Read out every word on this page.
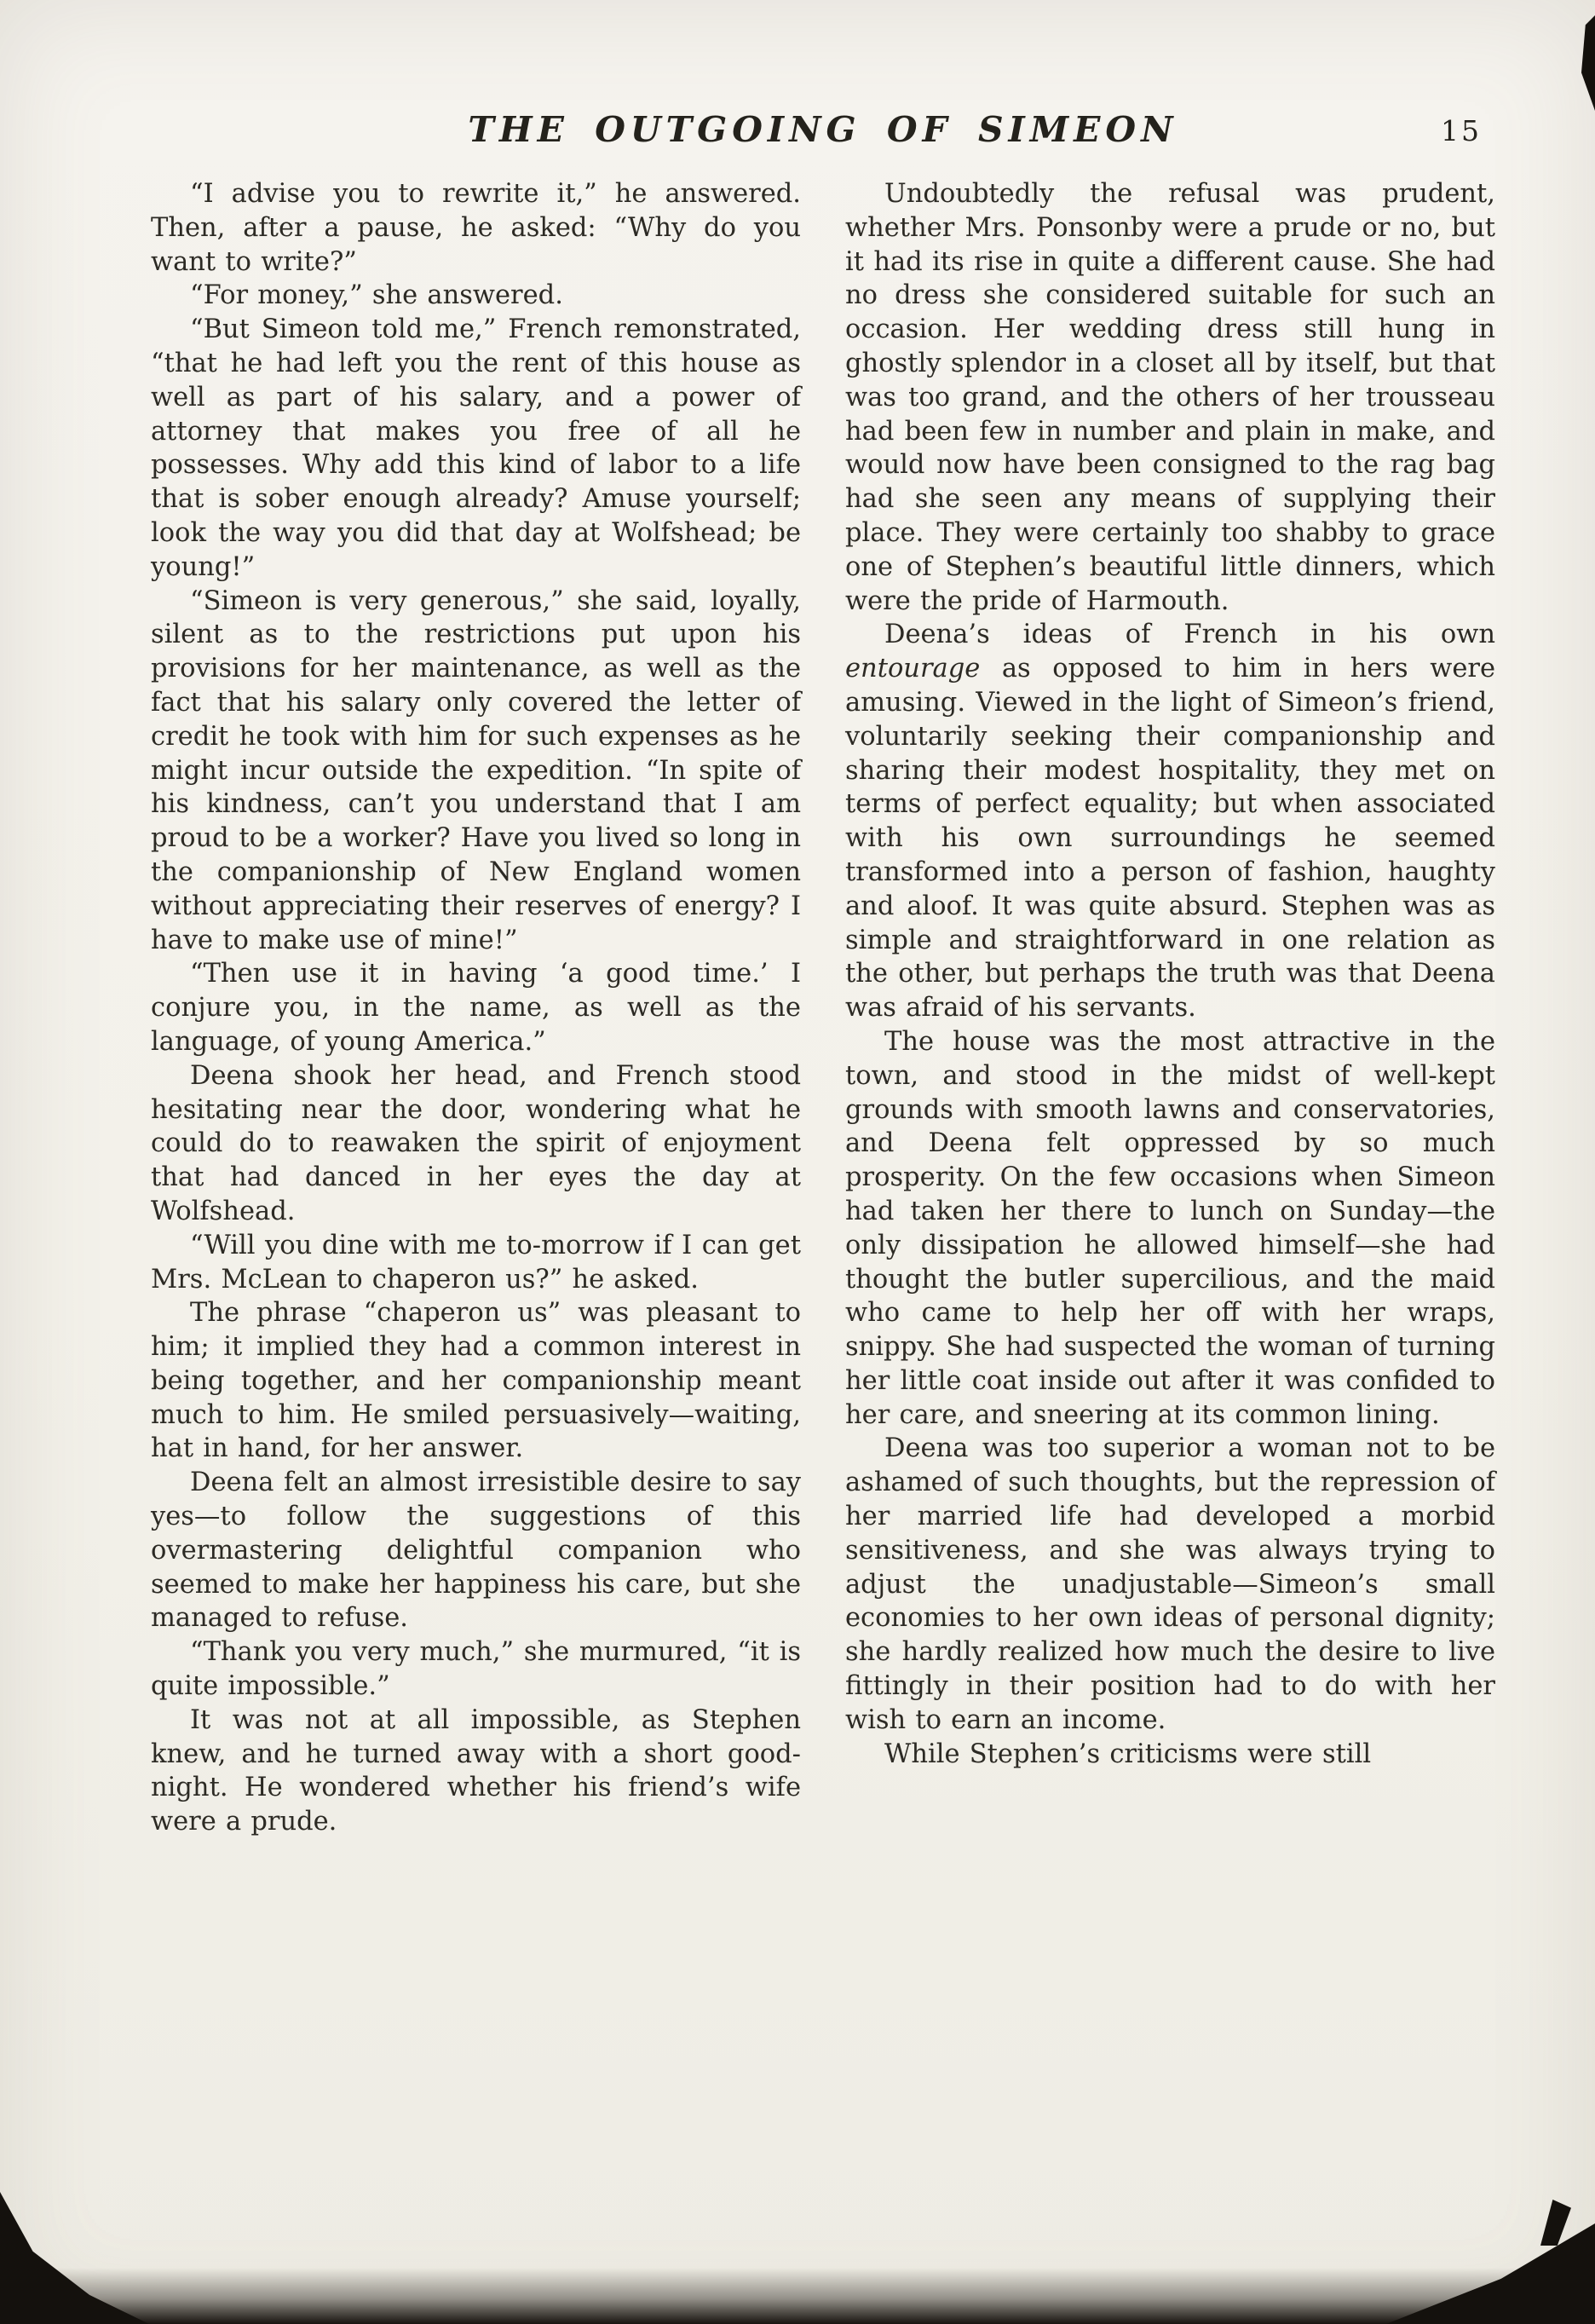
THE OUTGOING OF SIMEON	15

“I advise you to rewrite it,” he answered. Then, after a pause, he asked: “Why do you want to write?”

“For money,” she answered.

“But Simeon told me,” French remonstrated, “that he had left you the rent of this house as well as part of his salary, and a power of attorney that makes you free of all he possesses. Why add this kind of labor to a life that is sober enough already? Amuse yourself; look the way you did that day at Wolfshead; be young!”

“Simeon is very generous,” she said, loyally, silent as to the restrictions put upon his provisions for her maintenance, as well as the fact that his salary only covered the letter of credit he took with him for such expenses as he might incur outside the expedition. “In spite of his kindness, can’t you understand that I am proud to be a worker? Have you lived so long in the companionship of New England women without appreciating their reserves of energy? I have to make use of mine!”

“Then use it in having ‘a good time.’ I conjure you, in the name, as well as the language, of young America.”

Deena shook her head, and French stood hesitating near the door, wondering what he could do to reawaken the spirit of enjoyment that had danced in her eyes the day at Wolfshead.

“Will you dine with me to-morrow if I can get Mrs. McLean to chaperon us?” he asked.

The phrase “chaperon us” was pleasant to him; it implied they had a common interest in being together, and her companionship meant much to him. He smiled persuasively—waiting, hat in hand, for her answer.

Deena felt an almost irresistible desire to say yes—to follow the suggestions of this overmastering delightful companion who seemed to make her happiness his care, but she managed to refuse.

“Thank you very much,” she murmured, “it is quite impossible.”

It was not at all impossible, as Stephen knew, and he turned away with a short good-night. He wondered whether his friend’s wife were a prude.

Undoubtedly the refusal was prudent, whether Mrs. Ponsonby were a prude or no, but it had its rise in quite a different cause. She had no dress she considered suitable for such an occasion. Her wedding dress still hung in ghostly splendor in a closet all by itself, but that was too grand, and the others of her trousseau had been few in number and plain in make, and would now have been consigned to the rag bag had she seen any means of supplying their place. They were certainly too shabby to grace one of Stephen’s beautiful little dinners, which were the pride of Harmouth.

Deena’s ideas of French in his own entourage as opposed to him in hers were amusing. Viewed in the light of Simeon’s friend, voluntarily seeking their companionship and sharing their modest hospitality, they met on terms of perfect equality; but when associated with his own surroundings he seemed transformed into a person of fashion, haughty and aloof. It was quite absurd. Stephen was as simple and straightforward in one relation as the other, but perhaps the truth was that Deena was afraid of his servants.

The house was the most attractive in the town, and stood in the midst of well-kept grounds with smooth lawns and conservatories, and Deena felt oppressed by so much prosperity. On the few occasions when Simeon had taken her there to lunch on Sunday—the only dissipation he allowed himself—she had thought the butler supercilious, and the maid who came to help her off with her wraps, snippy. She had suspected the woman of turning her little coat inside out after it was confided to her care, and sneering at its common lining.

Deena was too superior a woman not to be ashamed of such thoughts, but the repression of her married life had developed a morbid sensitiveness, and she was always trying to adjust the unadjustable—Simeon’s small economies to her own ideas of personal dignity; she hardly realized how much the desire to live fittingly in their position had to do with her wish to earn an income.

While Stephen’s criticisms were still
